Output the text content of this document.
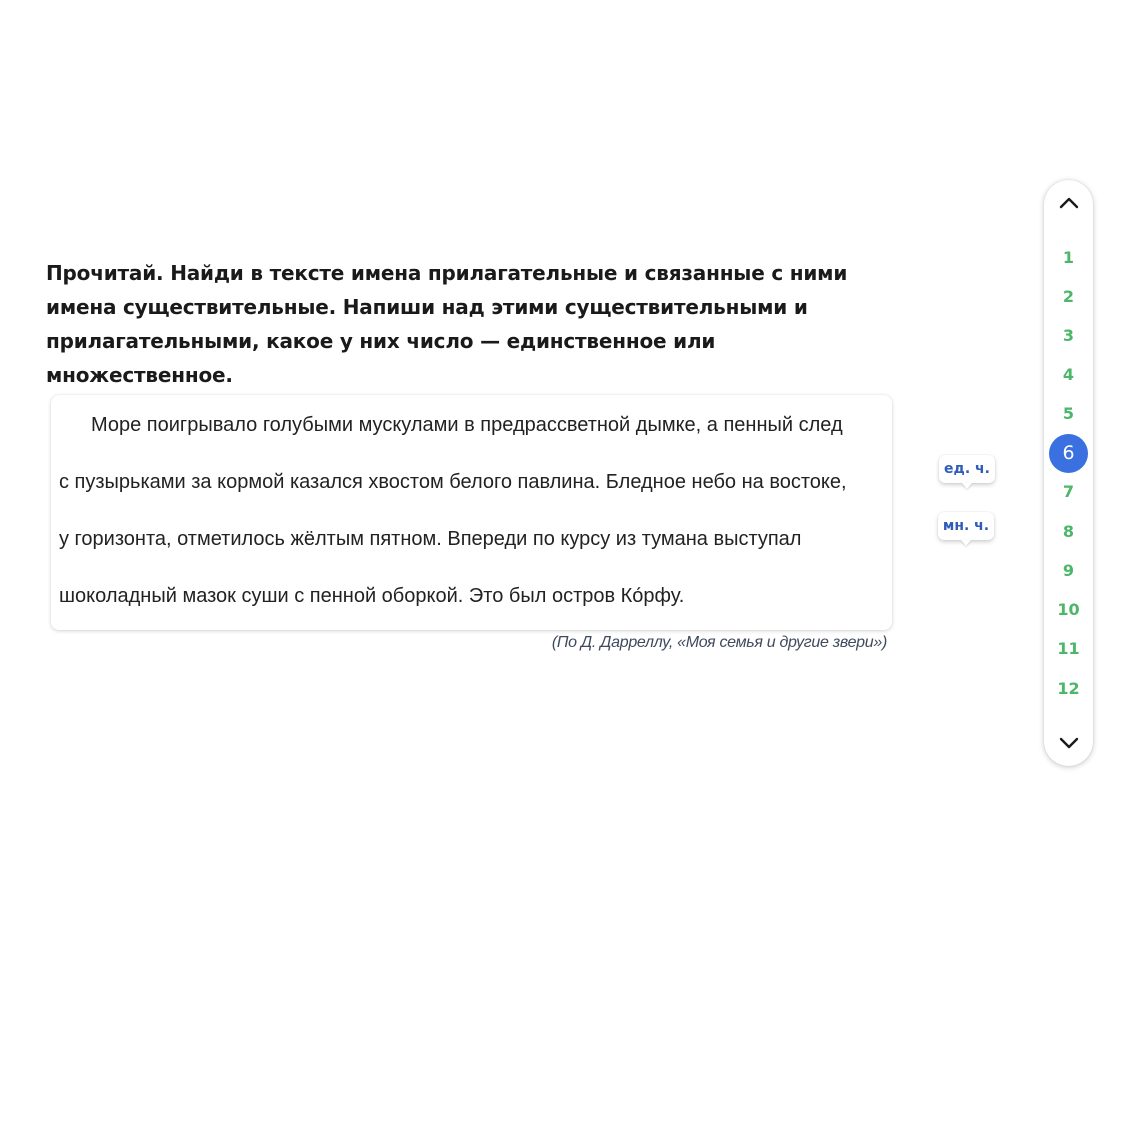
Прочитай. Найди в тексте имена прилагательные и связанные с ними имена существительные. Напиши над этими существительными и прилагательными, какое у них число — единственное или множественное.

Море поигрывало голубыми мускулами в предрассветной дымке, а пенный след
с пузырьками за кормой казался хвостом белого павлина. Бледное небо на востоке,
у горизонта, отметилось жёлтым пятном. Впереди по курсу из тумана выступал
шоколадный мазок суши с пенной оборкой. Это был остров Ко́рфу.
(По Д. Дарреллу, «Моя семья и другие звери»)
ед. ч.
мн. ч.
1
2
3
4
5
6
7
8
9
10
11
12
